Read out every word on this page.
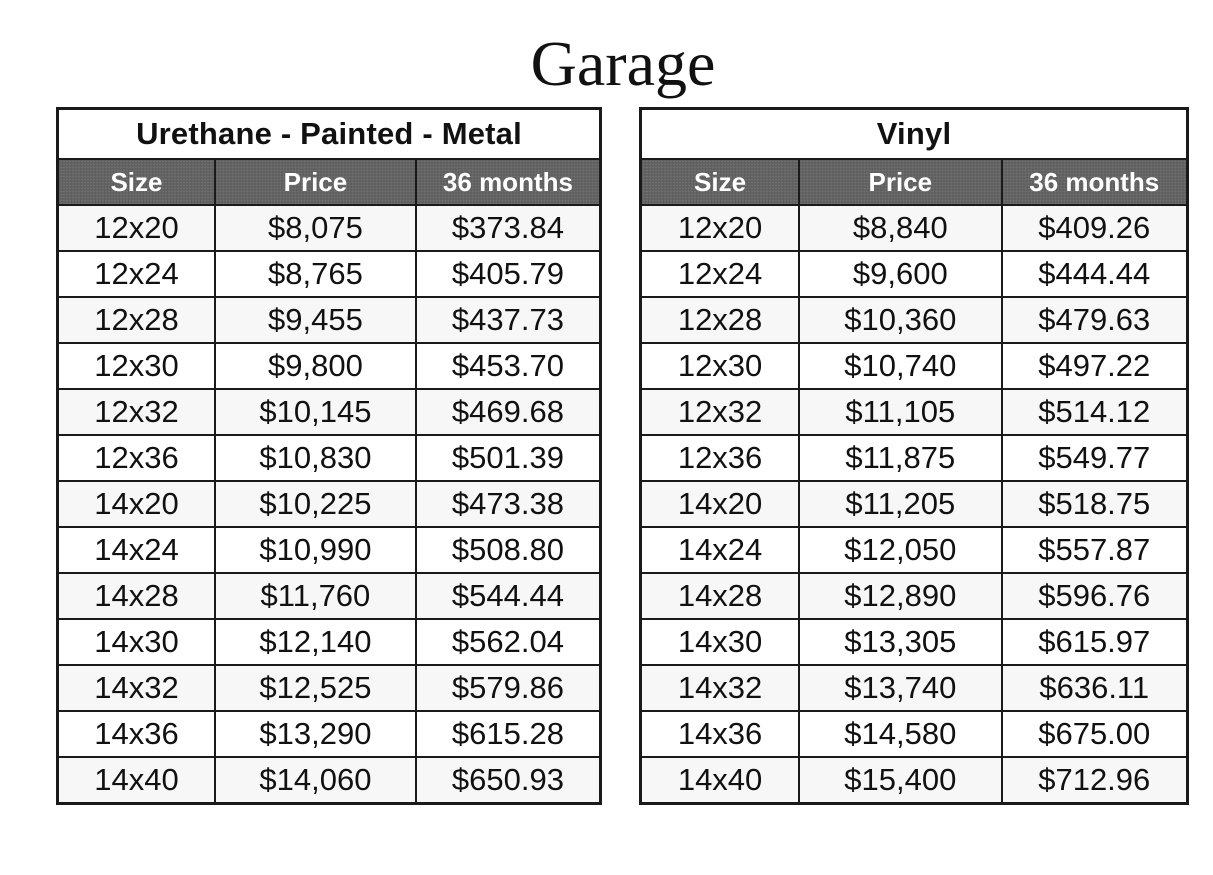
Garage
Urethane - Painted - Metal		
Size	Price	36 months
12x20	$8,075	$373.84
12x24	$8,765	$405.79
12x28	$9,455	$437.73
12x30	$9,800	$453.70
12x32	$10,145	$469.68
12x36	$10,830	$501.39
14x20	$10,225	$473.38
14x24	$10,990	$508.80
14x28	$11,760	$544.44
14x30	$12,140	$562.04
14x32	$12,525	$579.86
14x36	$13,290	$615.28
14x40	$14,060	$650.93
Vinyl		
Size	Price	36 months
12x20	$8,840	$409.26
12x24	$9,600	$444.44
12x28	$10,360	$479.63
12x30	$10,740	$497.22
12x32	$11,105	$514.12
12x36	$11,875	$549.77
14x20	$11,205	$518.75
14x24	$12,050	$557.87
14x28	$12,890	$596.76
14x30	$13,305	$615.97
14x32	$13,740	$636.11
14x36	$14,580	$675.00
14x40	$15,400	$712.96
